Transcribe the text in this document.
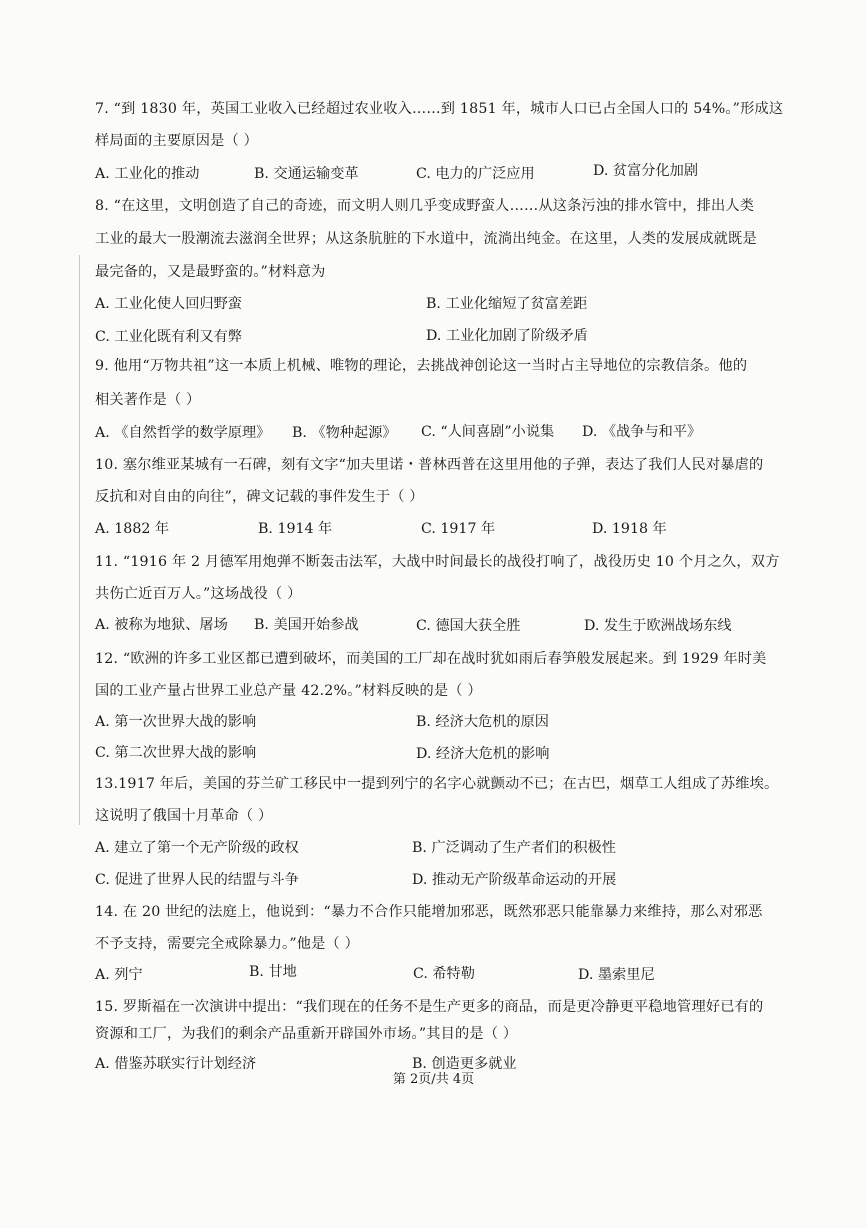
7. “到 1830 年，英国工业收入已经超过农业收入……到 1851 年，城市人口已占全国人口的 54%。”形成这
样局面的主要原因是（ ）
A. 工业化的推动	B. 交通运输变革	C. 电力的广泛应用	D. 贫富分化加剧
8. “在这里，文明创造了自己的奇迹，而文明人则几乎变成野蛮人……从这条污浊的排水管中，排出人类
工业的最大一股潮流去滋润全世界；从这条肮脏的下水道中，流淌出纯金。在这里，人类的发展成就既是
最完备的，又是最野蛮的。”材料意为
A. 工业化使人回归野蛮	B. 工业化缩短了贫富差距
C. 工业化既有利又有弊	D. 工业化加剧了阶级矛盾
9. 他用“万物共祖”这一本质上机械、唯物的理论，去挑战神创论这一当时占主导地位的宗教信条。他的
相关著作是（ ）
A. 《自然哲学的数学原理》 B. 《物种起源》 C. “人间喜剧”小说集 D. 《战争与和平》
10. 塞尔维亚某城有一石碑，刻有文字“加夫里诺・普林西普在这里用他的子弹，表达了我们人民对暴虐的
反抗和对自由的向往”，碑文记载的事件发生于（ ）
A. 1882 年	B. 1914 年	C. 1917 年	D. 1918 年
11. “1916 年 2 月德军用炮弹不断轰击法军，大战中时间最长的战役打响了，战役历史 10 个月之久，双方
共伤亡近百万人。”这场战役（ ）
A. 被称为地狱、屠场 B. 美国开始参战	C. 德国大获全胜	D. 发生于欧洲战场东线
12. “欧洲的许多工业区都已遭到破坏，而美国的工厂却在战时犹如雨后春笋般发展起来。到 1929 年时美
国的工业产量占世界工业总产量 42.2%。”材料反映的是（ ）
A. 第一次世界大战的影响	B. 经济大危机的原因
C. 第二次世界大战的影响	D. 经济大危机的影响
13.1917 年后，美国的芬兰矿工移民中一提到列宁的名字心就颤动不已；在古巴，烟草工人组成了苏维埃。
这说明了俄国十月革命（ ）
A. 建立了第一个无产阶级的政权	B. 广泛调动了生产者们的积极性
C. 促进了世界人民的结盟与斗争	D. 推动无产阶级革命运动的开展
14. 在 20 世纪的法庭上，他说到：“暴力不合作只能增加邪恶，既然邪恶只能靠暴力来维持，那么对邪恶
不予支持，需要完全戒除暴力。”他是（ ）
A. 列宁	B. 甘地	C. 希特勒	D. 墨索里尼
15. 罗斯福在一次演讲中提出：“我们现在的任务不是生产更多的商品，而是更冷静更平稳地管理好已有的
资源和工厂，为我们的剩余产品重新开辟国外市场。”其目的是（ ）
A. 借鉴苏联实行计划经济	B. 创造更多就业
第 2页/共 4页
